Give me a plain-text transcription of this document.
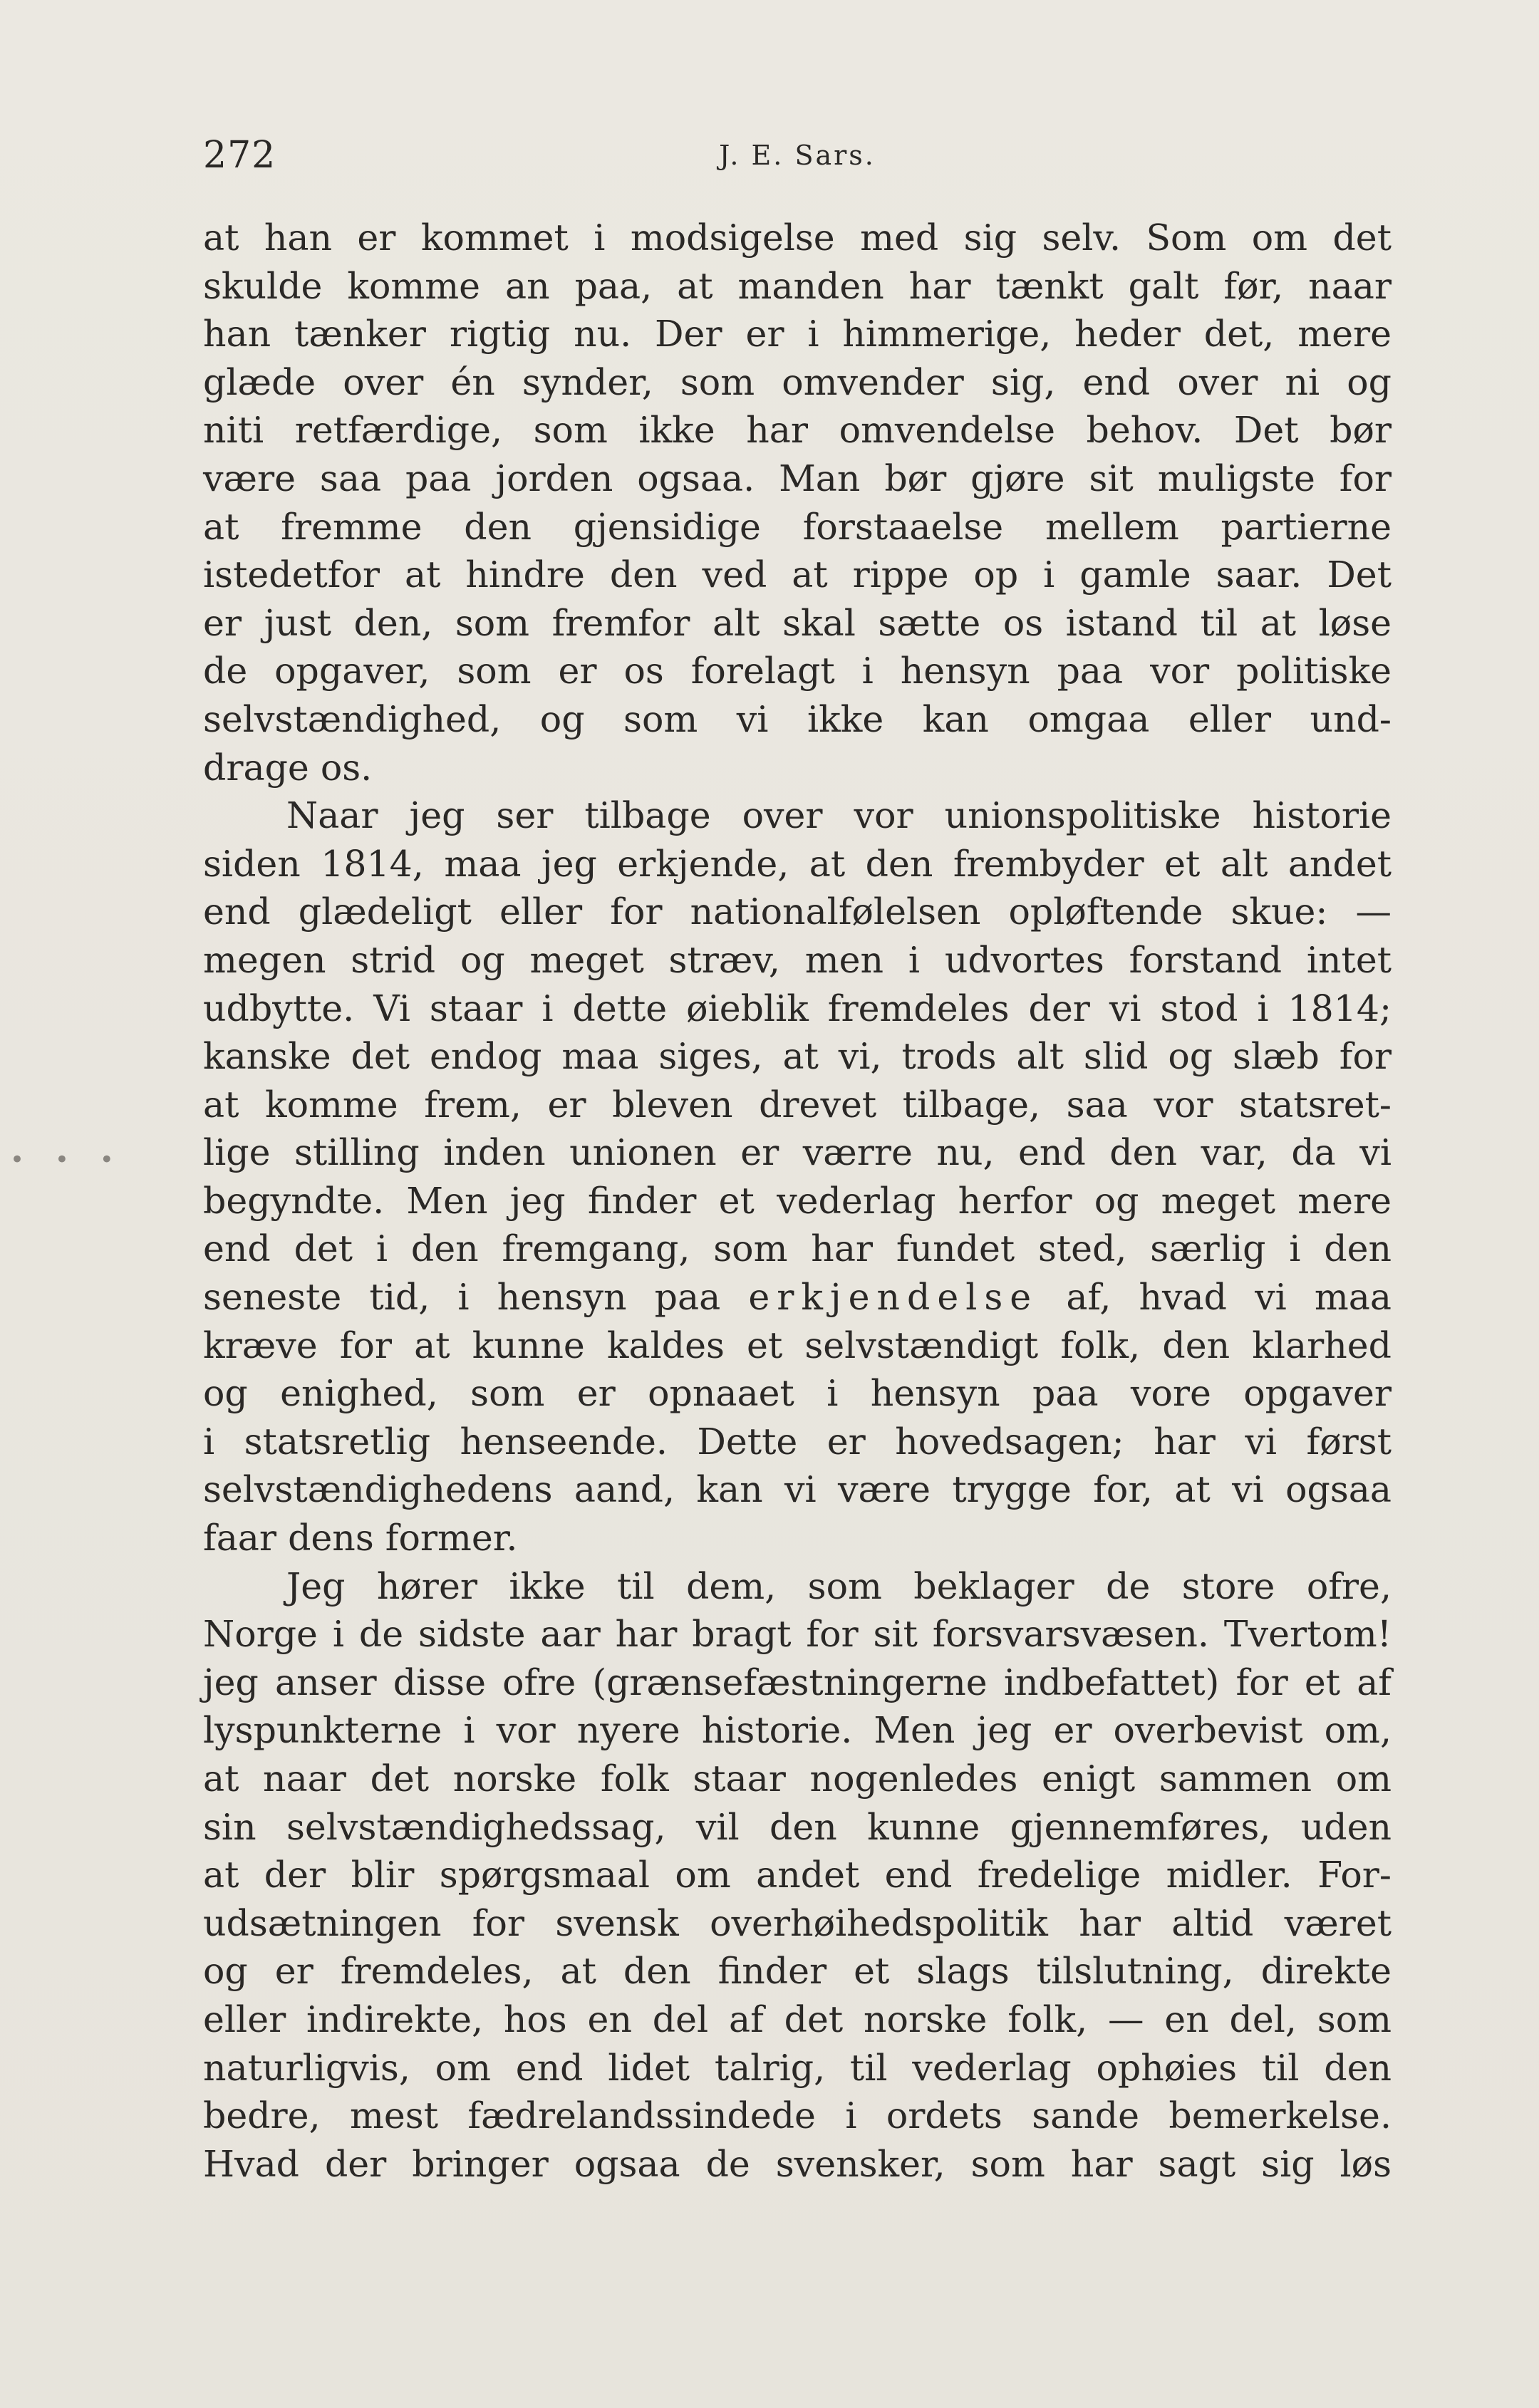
272	J. E. Sars.
at han er kommet i modsigelse med sig selv. Som om det
skulde komme an paa, at manden har tænkt galt før, naar
han tænker rigtig nu. Der er i himmerige, heder det, mere
glæde over én synder, som omvender sig, end over ni og
niti retfærdige, som ikke har omvendelse behov. Det bør
være saa paa jorden ogsaa. Man bør gjøre sit muligste for
at fremme den gjensidige forstaaelse mellem partierne
istedetfor at hindre den ved at rippe op i gamle saar. Det
er just den, som fremfor alt skal sætte os istand til at løse
de opgaver, som er os forelagt i hensyn paa vor politiske
selvstændighed, og som vi ikke kan omgaa eller und-
drage os.
Naar jeg ser tilbage over vor unionspolitiske historie
siden 1814, maa jeg erkjende, at den frembyder et alt andet
end glædeligt eller for nationalfølelsen opløftende skue: —
megen strid og meget stræv, men i udvortes forstand intet
udbytte. Vi staar i dette øieblik fremdeles der vi stod i 1814;
kanske det endog maa siges, at vi, trods alt slid og slæb for
at komme frem, er bleven drevet tilbage, saa vor statsret-
lige stilling inden unionen er værre nu, end den var, da vi
begyndte. Men jeg finder et vederlag herfor og meget mere
end det i den fremgang, som har fundet sted, særlig i den
seneste tid, i hensyn paa erkjendelse af, hvad vi maa
kræve for at kunne kaldes et selvstændigt folk, den klarhed
og enighed, som er opnaaet i hensyn paa vore opgaver
i statsretlig henseende. Dette er hovedsagen; har vi først
selvstændighedens aand, kan vi være trygge for, at vi ogsaa
faar dens former.
Jeg hører ikke til dem, som beklager de store ofre,
Norge i de sidste aar har bragt for sit forsvarsvæsen. Tvertom!
jeg anser disse ofre (grænsefæstningerne indbefattet) for et af
lyspunkterne i vor nyere historie. Men jeg er overbevist om,
at naar det norske folk staar nogenledes enigt sammen om
sin selvstændighedssag, vil den kunne gjennemføres, uden
at der blir spørgsmaal om andet end fredelige midler. For-
udsætningen for svensk overhøihedspolitik har altid været
og er fremdeles, at den finder et slags tilslutning, direkte
eller indirekte, hos en del af det norske folk, — en del, som
naturligvis, om end lidet talrig, til vederlag ophøies til den
bedre, mest fædrelandssindede i ordets sande bemerkelse.
Hvad der bringer ogsaa de svensker, som har sagt sig løs
• • •
